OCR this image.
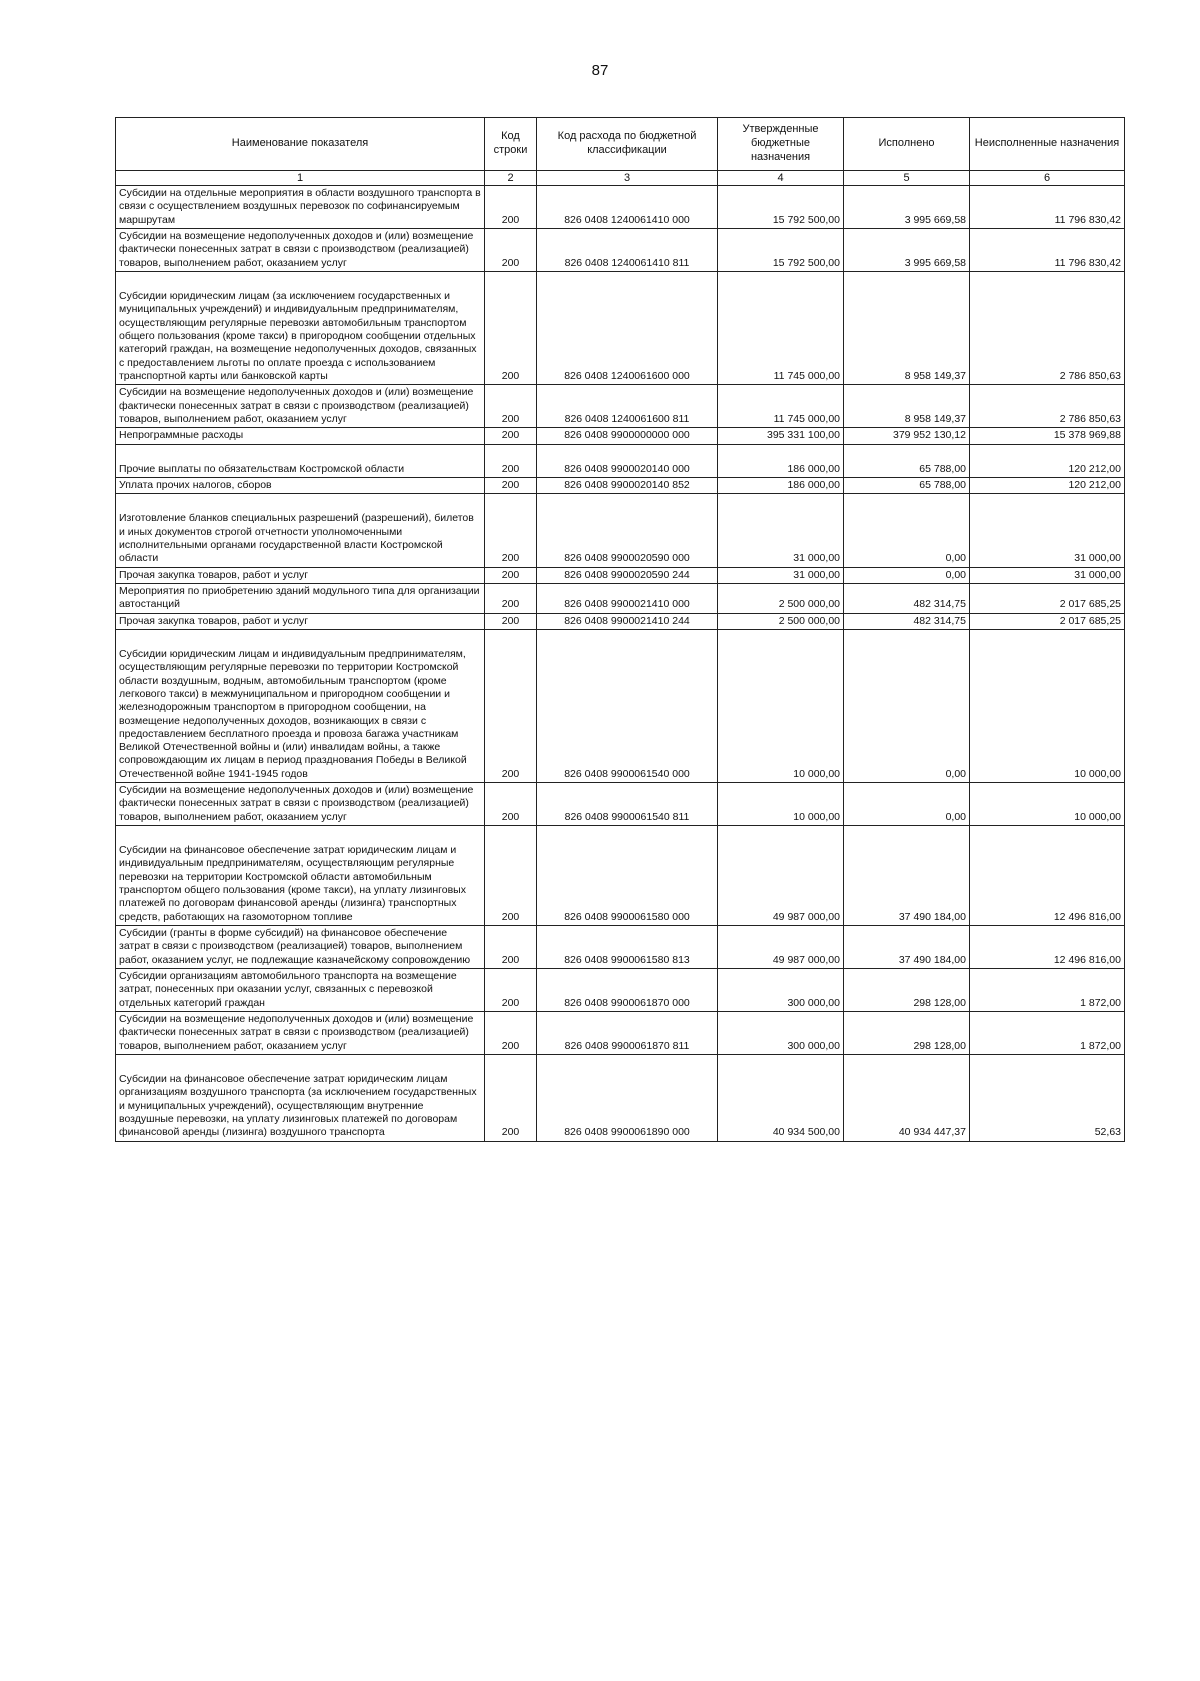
87
Наименование показателя	Код строки	Код расхода по бюджетной классификации	Утвержденные бюджетные назначения	Исполнено	Неисполненные назначения
1	2	3	4	5	6
Субсидии на отдельные мероприятия в области воздушного транспорта в связи с осуществлением воздушных перевозок по софинансируемым маршрутам	200	826 0408 1240061410 000	15 792 500,00	3 995 669,58	11 796 830,42
Субсидии на возмещение недополученных доходов и (или) возмещение фактически понесенных затрат в связи с производством (реализацией) товаров, выполнением работ, оказанием услуг	200	826 0408 1240061410 811	15 792 500,00	3 995 669,58	11 796 830,42
Субсидии юридическим лицам (за исключением государственных и муниципальных учреждений) и индивидуальным предпринимателям, осуществляющим регулярные перевозки автомобильным транспортом общего пользования (кроме такси) в пригородном сообщении отдельных категорий граждан, на возмещение недополученных доходов, связанных с предоставлением льготы по оплате проезда с использованием транспортной карты или банковской карты	200	826 0408 1240061600 000	11 745 000,00	8 958 149,37	2 786 850,63
Субсидии на возмещение недополученных доходов и (или) возмещение фактически понесенных затрат в связи с производством (реализацией) товаров, выполнением работ, оказанием услуг	200	826 0408 1240061600 811	11 745 000,00	8 958 149,37	2 786 850,63
Непрограммные расходы	200	826 0408 9900000000 000	395 331 100,00	379 952 130,12	15 378 969,88
Прочие выплаты по обязательствам Костромской области	200	826 0408 9900020140 000	186 000,00	65 788,00	120 212,00
Уплата прочих налогов, сборов	200	826 0408 9900020140 852	186 000,00	65 788,00	120 212,00
Изготовление бланков специальных разрешений (разрешений), билетов и иных документов строгой отчетности уполномоченными исполнительными органами государственной власти Костромской области	200	826 0408 9900020590 000	31 000,00	0,00	31 000,00
Прочая закупка товаров, работ и услуг	200	826 0408 9900020590 244	31 000,00	0,00	31 000,00
Мероприятия по приобретению зданий модульного типа для организации автостанций	200	826 0408 9900021410 000	2 500 000,00	482 314,75	2 017 685,25
Прочая закупка товаров, работ и услуг	200	826 0408 9900021410 244	2 500 000,00	482 314,75	2 017 685,25
Субсидии юридическим лицам и индивидуальным предпринимателям, осуществляющим регулярные перевозки по территории Костромской области воздушным, водным, автомобильным транспортом (кроме легкового такси) в межмуниципальном и пригородном сообщении и железнодорожным транспортом в пригородном сообщении, на возмещение недополученных доходов, возникающих в связи с предоставлением бесплатного проезда и провоза багажа участникам Великой Отечественной войны и (или) инвалидам войны, а также сопровождающим их лицам в период празднования Победы в Великой Отечественной войне 1941-1945 годов	200	826 0408 9900061540 000	10 000,00	0,00	10 000,00
Субсидии на возмещение недополученных доходов и (или) возмещение фактически понесенных затрат в связи с производством (реализацией) товаров, выполнением работ, оказанием услуг	200	826 0408 9900061540 811	10 000,00	0,00	10 000,00
Субсидии на финансовое обеспечение затрат юридическим лицам и индивидуальным предпринимателям, осуществляющим регулярные перевозки на территории Костромской области автомобильным транспортом общего пользования (кроме такси), на уплату лизинговых платежей по договорам финансовой аренды (лизинга) транспортных средств, работающих на газомоторном топливе	200	826 0408 9900061580 000	49 987 000,00	37 490 184,00	12 496 816,00
Субсидии (гранты в форме субсидий) на финансовое обеспечение затрат в связи с производством (реализацией) товаров, выполнением работ, оказанием услуг, не подлежащие казначейскому сопровождению	200	826 0408 9900061580 813	49 987 000,00	37 490 184,00	12 496 816,00
Субсидии организациям автомобильного транспорта на возмещение затрат, понесенных при оказании услуг, связанных с перевозкой отдельных категорий граждан	200	826 0408 9900061870 000	300 000,00	298 128,00	1 872,00
Субсидии на возмещение недополученных доходов и (или) возмещение фактически понесенных затрат в связи с производством (реализацией) товаров, выполнением работ, оказанием услуг	200	826 0408 9900061870 811	300 000,00	298 128,00	1 872,00
Субсидии на финансовое обеспечение затрат юридическим лицам организациям воздушного транспорта (за исключением государственных и муниципальных учреждений), осуществляющим внутренние воздушные перевозки, на уплату лизинговых платежей по договорам финансовой аренды (лизинга) воздушного транспорта	200	826 0408 9900061890 000	40 934 500,00	40 934 447,37	52,63
